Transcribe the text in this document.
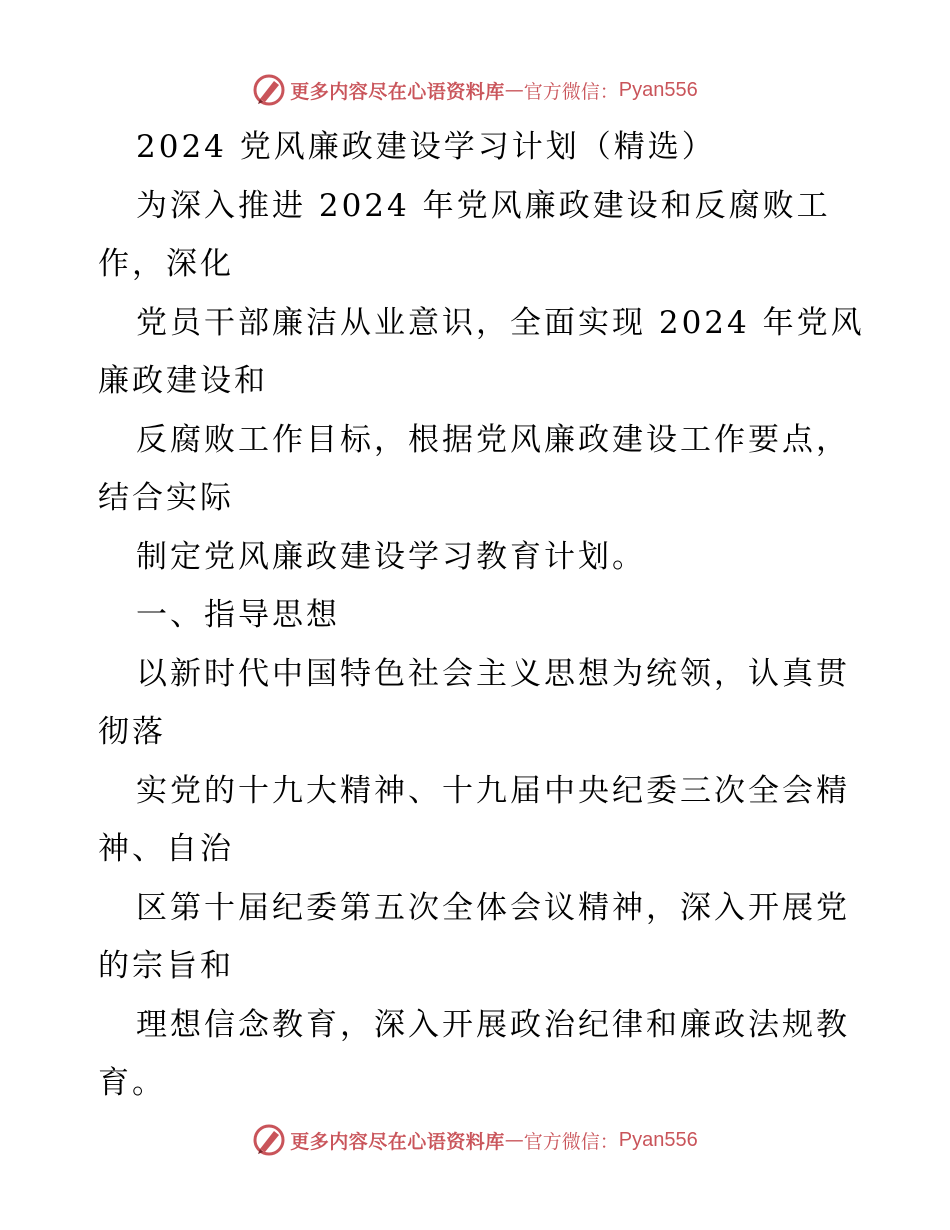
更多内容尽在心语资料库 — 官方微信： Pyan556
2024 党风廉政建设学习计划（精选）
为深入推进 2024 年党风廉政建设和反腐败工
作，深化
党员干部廉洁从业意识，全面实现 2024 年党风
廉政建设和
反腐败工作目标，根据党风廉政建设工作要点，
结合实际
制定党风廉政建设学习教育计划。
一、指导思想
以新时代中国特色社会主义思想为统领，认真贯
彻落
实党的十九大精神、十九届中央纪委三次全会精
神、自治
区第十届纪委第五次全体会议精神，深入开展党
的宗旨和
理想信念教育，深入开展政治纪律和廉政法规教
育。
更多内容尽在心语资料库 — 官方微信： Pyan556
